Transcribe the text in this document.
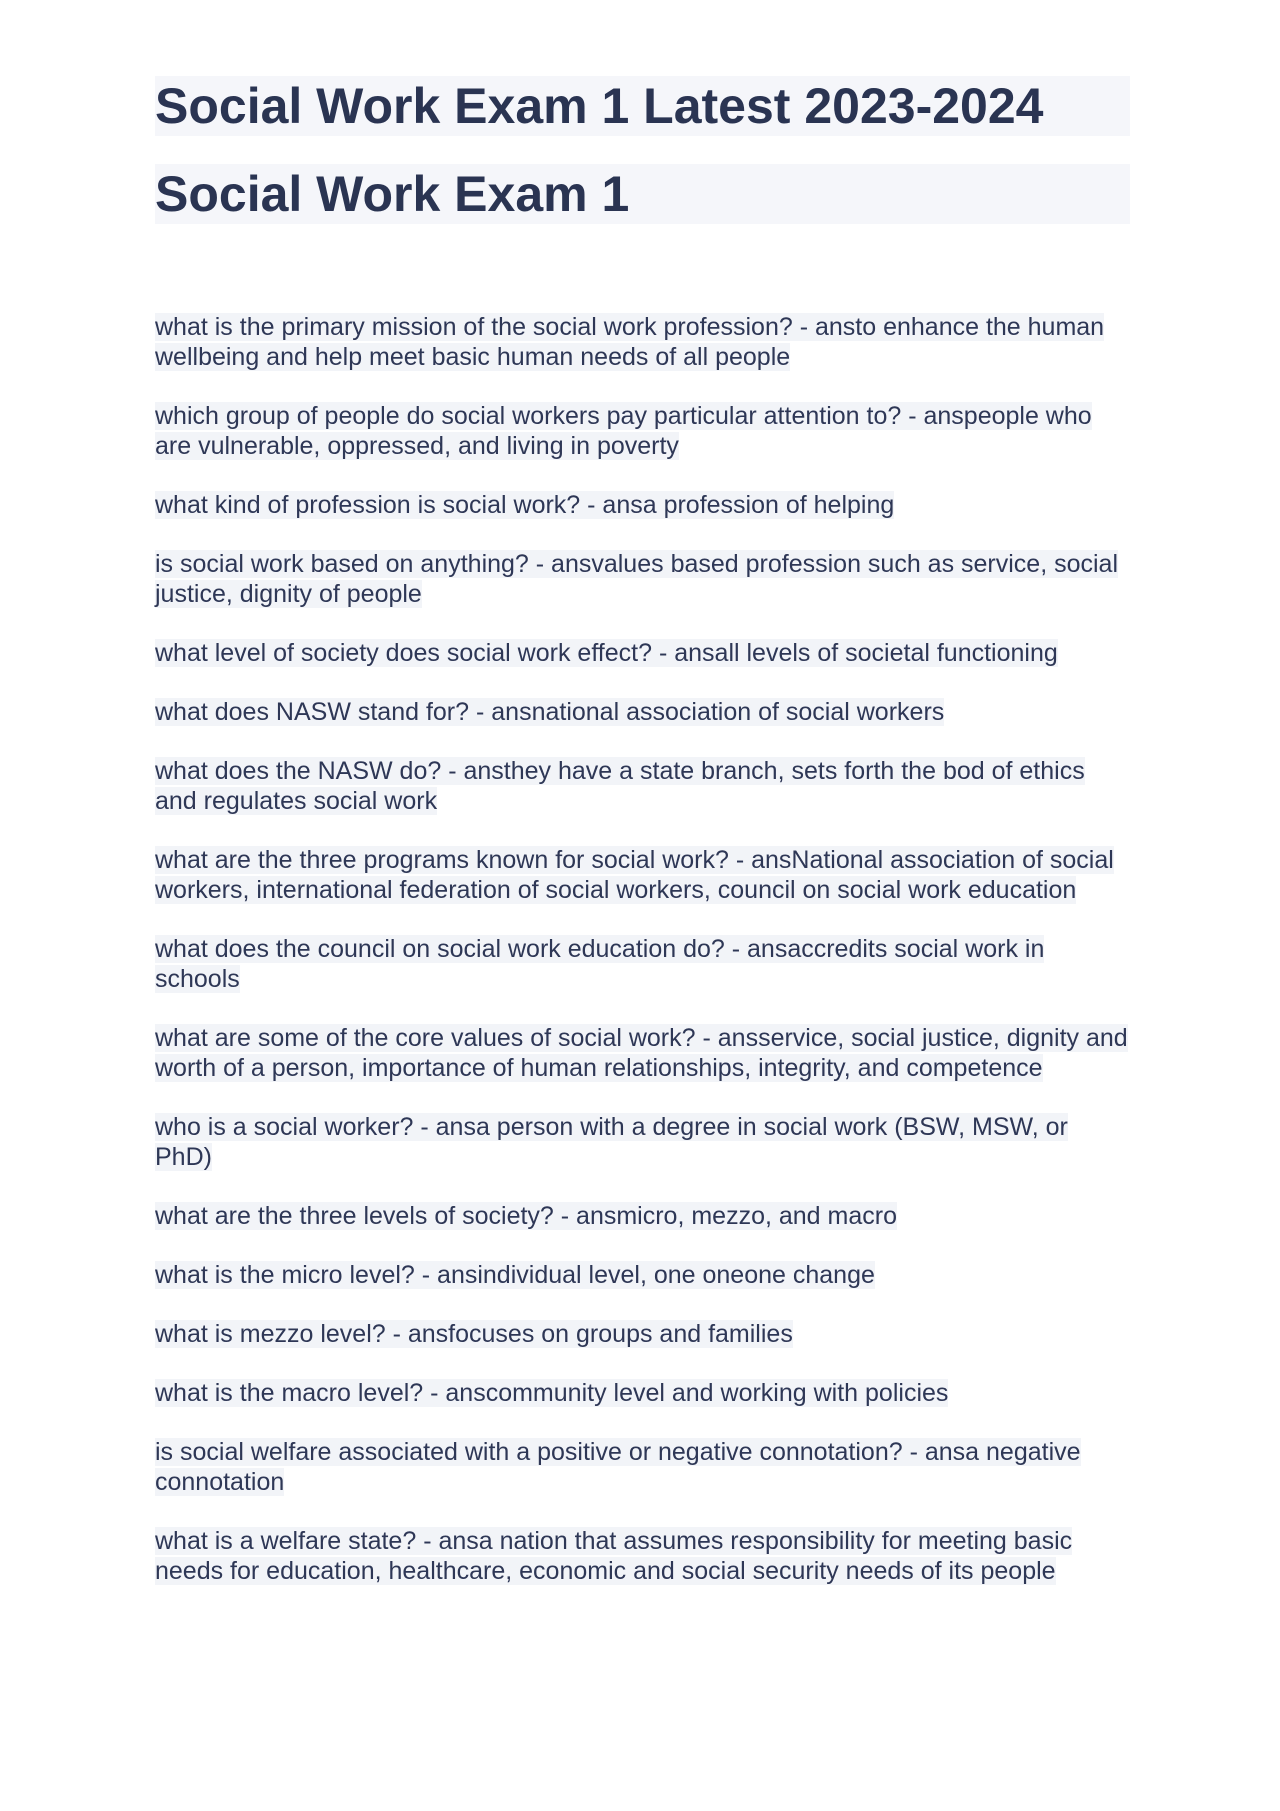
Social Work Exam 1 Latest 2023-2024
Social Work Exam 1

what is the primary mission of the social work profession? - ansto enhance the human wellbeing and help meet basic human needs of all people

which group of people do social workers pay particular attention to? - anspeople who are vulnerable, oppressed, and living in poverty

what kind of profession is social work? - ansa profession of helping

is social work based on anything? - ansvalues based profession such as service, social justice, dignity of people

what level of society does social work effect? - ansall levels of societal functioning

what does NASW stand for? - ansnational association of social workers

what does the NASW do? - ansthey have a state branch, sets forth the bod of ethics and regulates social work

what are the three programs known for social work? - ansNational association of social workers, international federation of social workers, council on social work education

what does the council on social work education do? - ansaccredits social work in schools

what are some of the core values of social work? - ansservice, social justice, dignity and worth of a person, importance of human relationships, integrity, and competence

who is a social worker? - ansa person with a degree in social work (BSW, MSW, or PhD)

what are the three levels of society? - ansmicro, mezzo, and macro

what is the micro level? - ansindividual level, one oneone change

what is mezzo level? - ansfocuses on groups and families

what is the macro level? - anscommunity level and working with policies

is social welfare associated with a positive or negative connotation? - ansa negative connotation

what is a welfare state? - ansa nation that assumes responsibility for meeting basic needs for education, healthcare, economic and social security needs of its people
